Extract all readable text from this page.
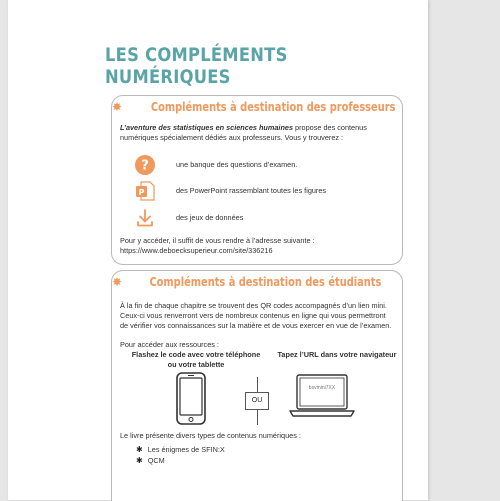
LES COMPLÉMENTS NUMÉRIQUES
✸ Compléments à destination des professeurs
L’aventure des statistiques en sciences humaines propose des contenus numériques spécialement dédiés aux professeurs. Vous y trouverez :
?	une banque des questions d’examen.
P	des PowerPoint rassemblant toutes les figures
des jeux de données
Pour y accéder, il suffit de vous rendre à l’adresse suivante : https://www.deboecksuperieur.com/site/336216
✸ Compléments à destination des étudiants
À la fin de chaque chapitre se trouvent des QR codes accompagnés d’un lien mini. Ceux-ci vous renverront vers de nombreux contenus en ligne qui vous permettront de vérifier vos connaissances sur la matière et de vous exercer en vue de l’examen.
Pour accéder aux ressources :
Flashez le code avec votre téléphone ou votre tablette
Tapez l’URL dans votre navigateur
OU
bsvmini7XX
Le livre présente divers types de contenus numériques :
✱ Les énigmes de SFIN:X
✱ QCM
